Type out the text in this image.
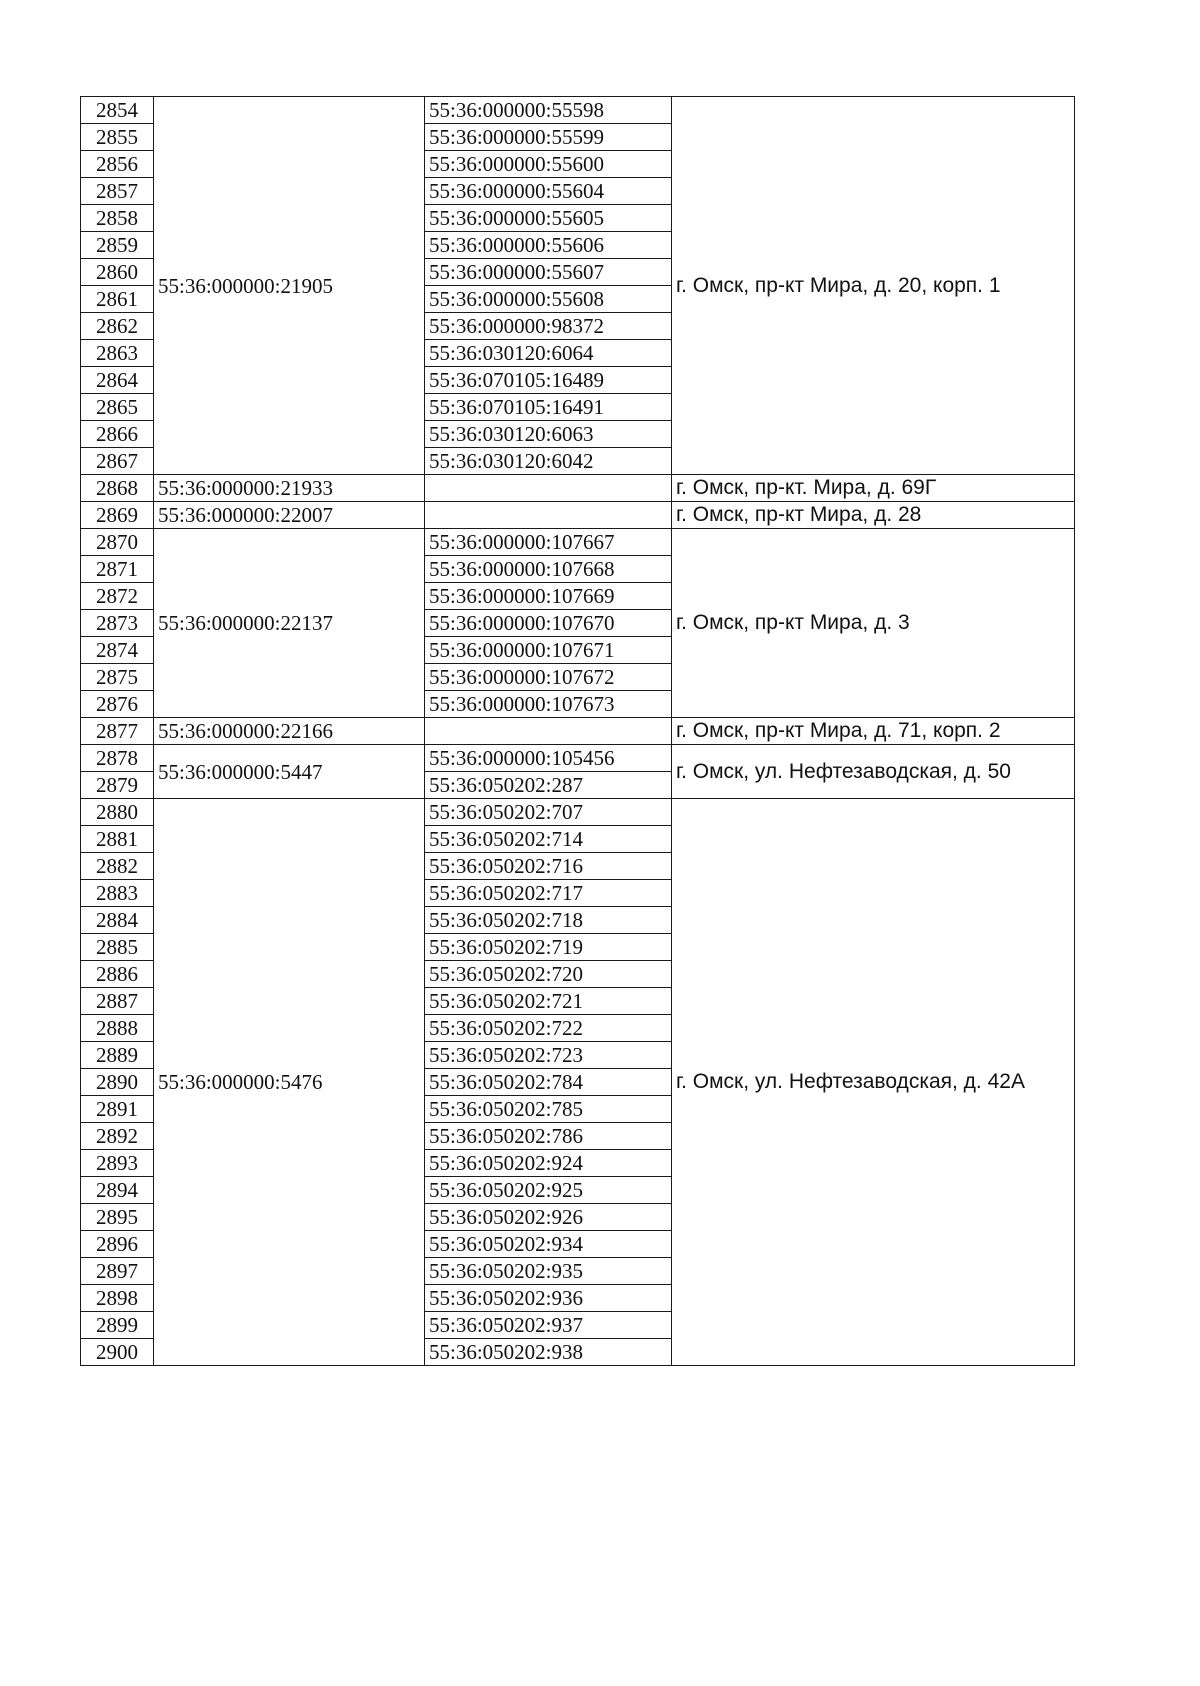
2854	55:36:000000:21905	55:36:000000:55598	г. Омск, пр-кт Мира, д. 20, корп. 1
2855		55:36:000000:55599	
2856		55:36:000000:55600	
2857		55:36:000000:55604	
2858		55:36:000000:55605	
2859		55:36:000000:55606	
2860		55:36:000000:55607	
2861		55:36:000000:55608	
2862		55:36:000000:98372	
2863		55:36:030120:6064	
2864		55:36:070105:16489	
2865		55:36:070105:16491	
2866		55:36:030120:6063	
2867		55:36:030120:6042	
2868	55:36:000000:21933		г. Омск, пр-кт. Мира, д. 69Г
2869	55:36:000000:22007		г. Омск, пр-кт Мира, д. 28
2870	55:36:000000:22137	55:36:000000:107667	г. Омск, пр-кт Мира, д. 3
2871		55:36:000000:107668	
2872		55:36:000000:107669	
2873		55:36:000000:107670	
2874		55:36:000000:107671	
2875		55:36:000000:107672	
2876		55:36:000000:107673	
2877	55:36:000000:22166		г. Омск, пр-кт Мира, д. 71, корп. 2
2878	55:36:000000:5447	55:36:000000:105456	г. Омск, ул. Нефтезаводская, д. 50
2879		55:36:050202:287	
2880	55:36:000000:5476	55:36:050202:707	г. Омск, ул. Нефтезаводская, д. 42А
2881		55:36:050202:714	
2882		55:36:050202:716	
2883		55:36:050202:717	
2884		55:36:050202:718	
2885		55:36:050202:719	
2886		55:36:050202:720	
2887		55:36:050202:721	
2888		55:36:050202:722	
2889		55:36:050202:723	
2890		55:36:050202:784	
2891		55:36:050202:785	
2892		55:36:050202:786	
2893		55:36:050202:924	
2894		55:36:050202:925	
2895		55:36:050202:926	
2896		55:36:050202:934	
2897		55:36:050202:935	
2898		55:36:050202:936	
2899		55:36:050202:937	
2900		55:36:050202:938	
